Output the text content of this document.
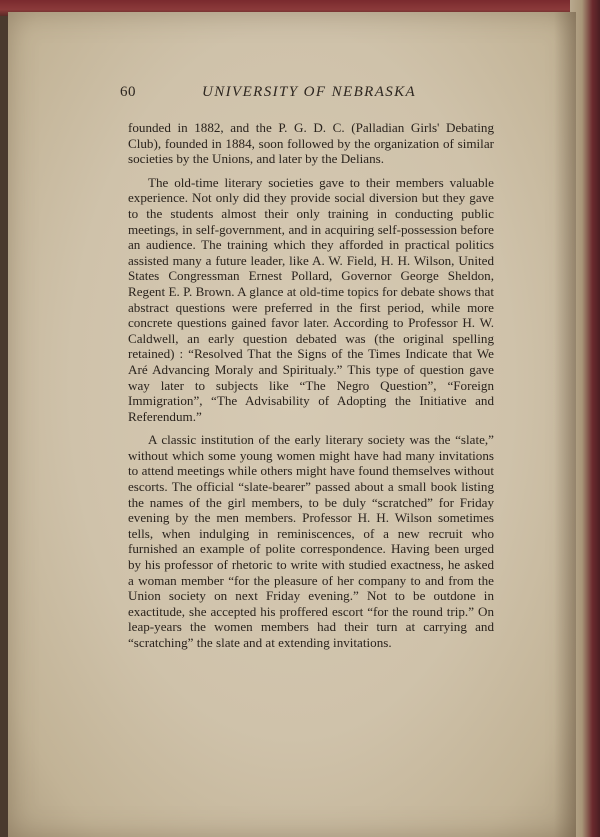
60	UNIVERSITY OF NEBRASKA

founded in 1882, and the P. G. D. C. (Palladian Girls' Debating Club), founded in 1884, soon followed by the organization of similar societies by the Unions, and later by the Delians.

The old-time literary societies gave to their members valuable experience. Not only did they provide social diversion but they gave to the students almost their only training in conducting public meetings, in self-government, and in acquiring self-possession before an audience. The training which they afforded in practical politics assisted many a future leader, like A. W. Field, H. H. Wilson, United States Congressman Ernest Pollard, Governor George Sheldon, Regent E. P. Brown. A glance at old-time topics for debate shows that abstract questions were preferred in the first period, while more concrete questions gained favor later. According to Professor H. W. Caldwell, an early question debated was (the original spelling retained) : “Resolved That the Signs of the Times Indicate that We Aré Advancing Moraly and Spiritualy.” This type of question gave way later to subjects like “The Negro Question”, “Foreign Immigration”, “The Advisability of Adopting the Initiative and Referendum.”

A classic institution of the early literary society was the “slate,” without which some young women might have had many invitations to attend meetings while others might have found themselves without escorts. The official “slate-bearer” passed about a small book listing the names of the girl members, to be duly “scratched” for Friday evening by the men members. Professor H. H. Wilson sometimes tells, when indulging in reminiscences, of a new recruit who furnished an example of polite correspondence. Having been urged by his professor of rhetoric to write with studied exactness, he asked a woman member “for the pleasure of her company to and from the Union society on next Friday evening.” Not to be outdone in exactitude, she accepted his proffered escort “for the round trip.” On leap-years the women members had their turn at carrying and “scratching” the slate and at extending invitations.
